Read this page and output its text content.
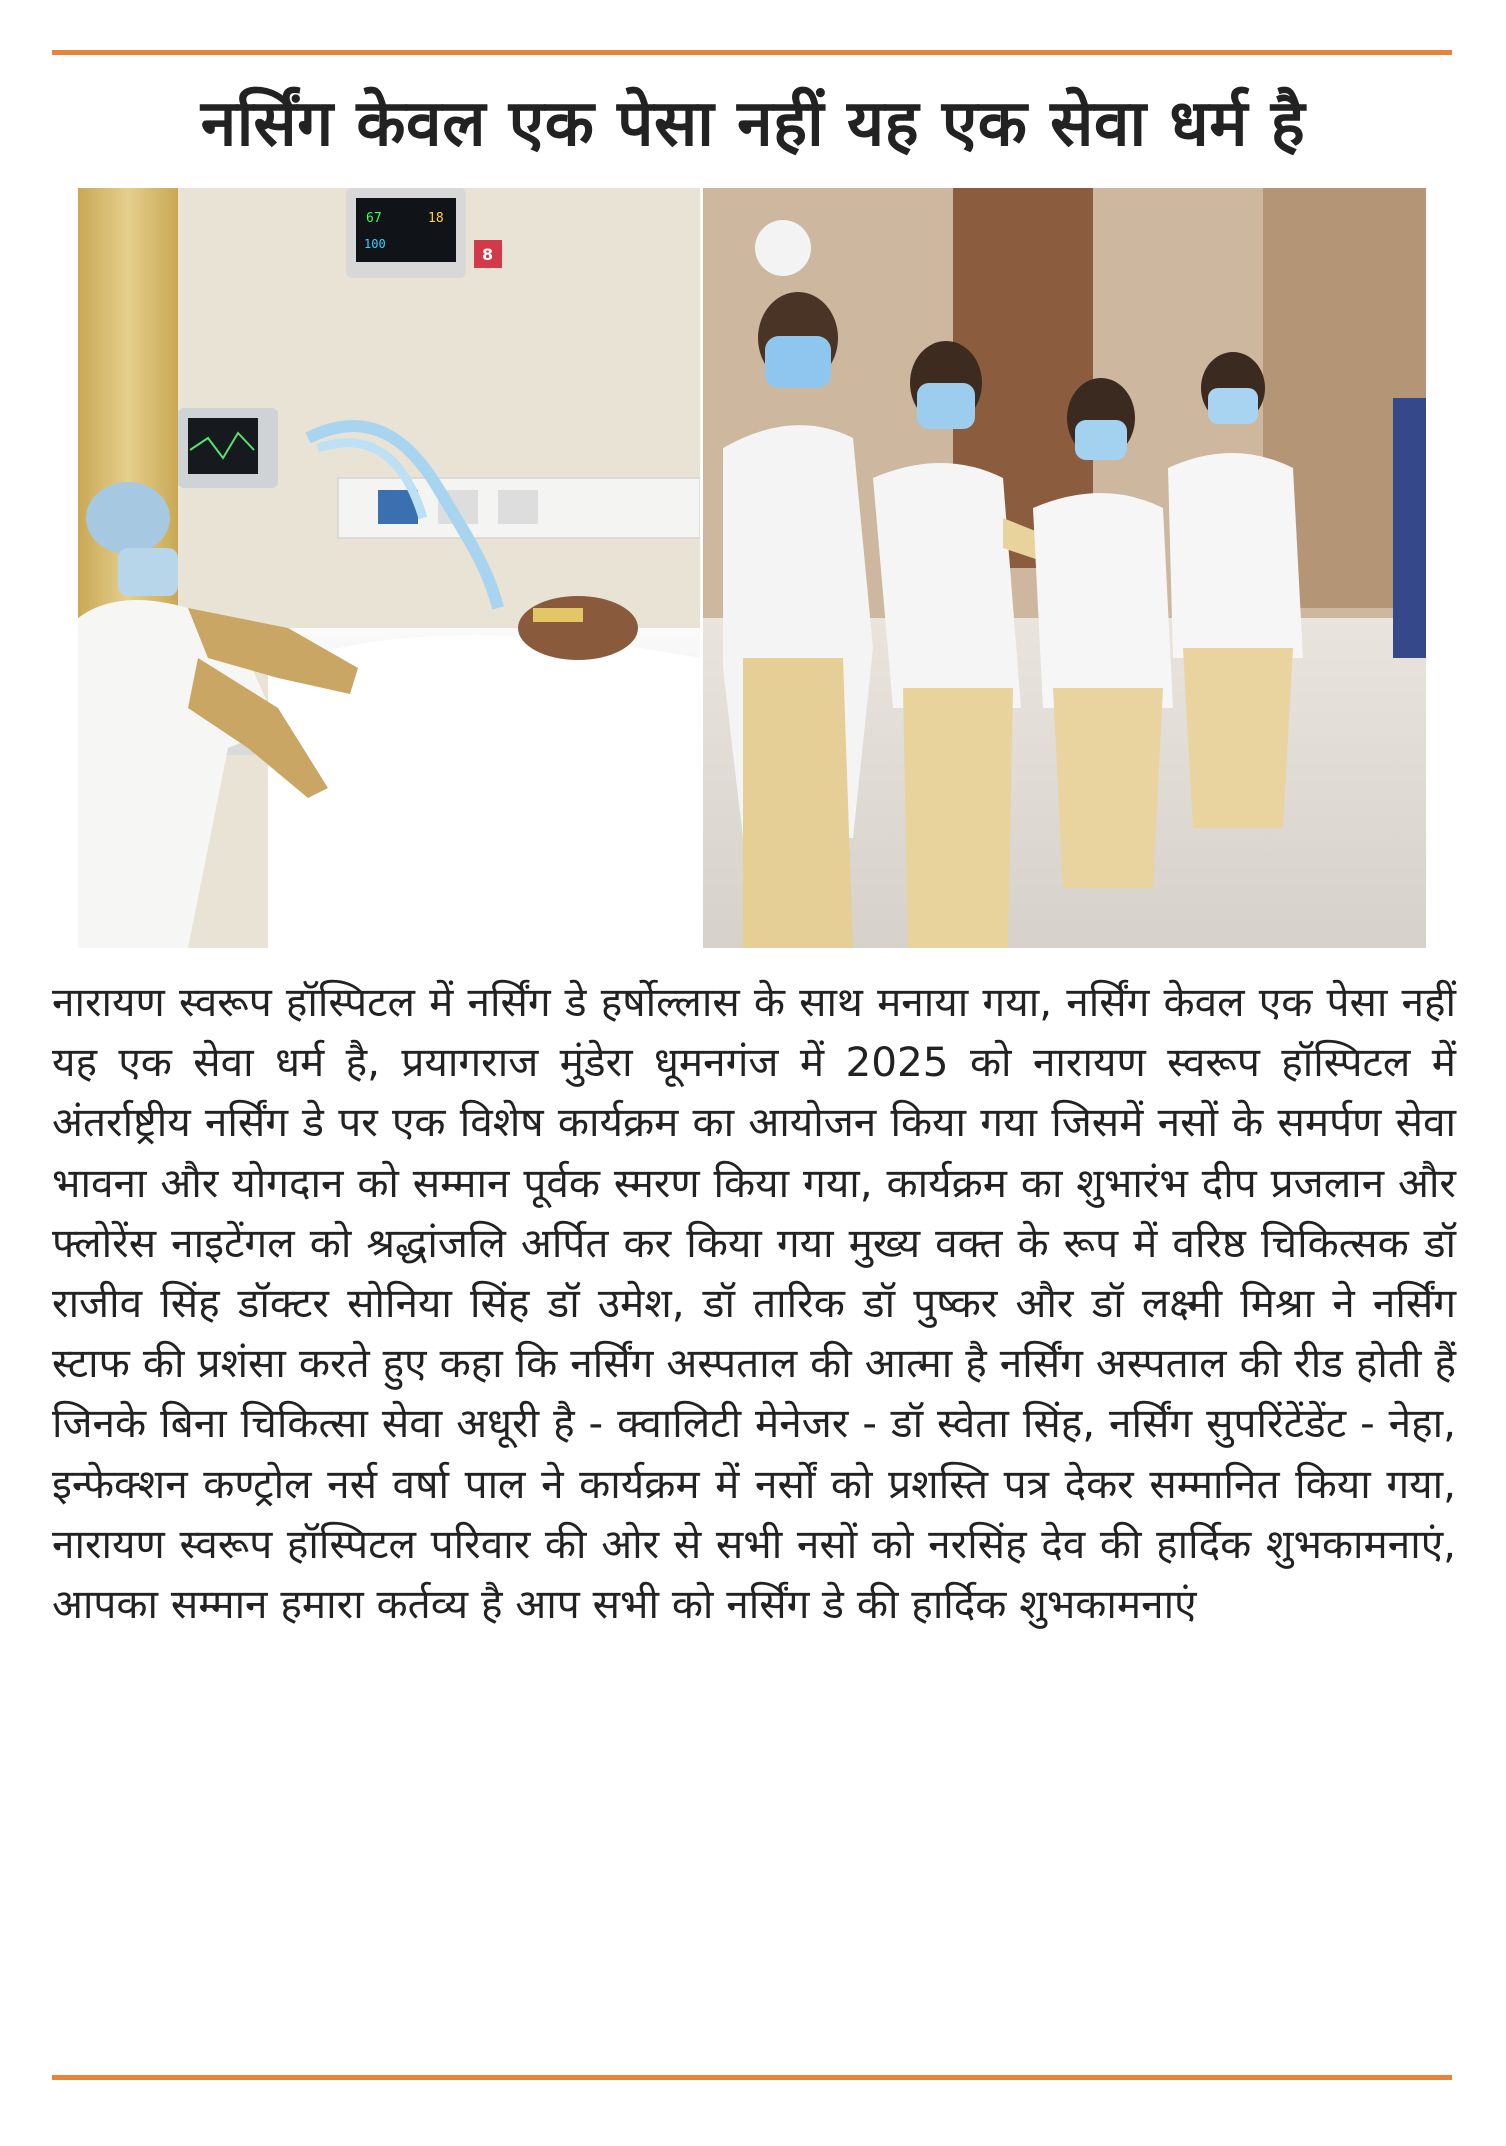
नर्सिंग केवल एक पेसा नहीं यह एक सेवा धर्म है
67	18
100
8

नारायण स्वरूप हॉस्पिटल में नर्सिंग डे हर्षोल्लास के साथ मनाया गया, नर्सिंग केवल एक पेसा नहीं यह एक सेवा धर्म है, प्रयागराज मुंडेरा धूमनगंज में 2025 को नारायण स्वरूप हॉस्पिटल में अंतर्राष्ट्रीय नर्सिंग डे पर एक विशेष कार्यक्रम का आयोजन किया गया जिसमें नसों के समर्पण सेवा भावना और योगदान को सम्मान पूर्वक स्मरण किया गया, कार्यक्रम का शुभारंभ दीप प्रजलान और फ्लोरेंस नाइटेंगल को श्रद्धांजलि अर्पित कर किया गया मुख्य वक्त के रूप में वरिष्ठ चिकित्सक डॉ राजीव सिंह डॉक्टर सोनिया सिंह डॉ उमेश, डॉ तारिक डॉ पुष्कर और डॉ लक्ष्मी मिश्रा ने नर्सिंग स्टाफ की प्रशंसा करते हुए कहा कि नर्सिंग अस्पताल की आत्मा है नर्सिंग अस्पताल की रीड होती हैं जिनके बिना चिकित्सा सेवा अधूरी है - क्वालिटी मेनेजर - डॉ स्वेता सिंह, नर्सिंग सुपरिंटेंडेंट - नेहा, इन्फेक्शन कण्ट्रोल नर्स वर्षा पाल ने कार्यक्रम में नर्सों को प्रशस्ति पत्र देकर सम्मानित किया गया, नारायण स्वरूप हॉस्पिटल परिवार की ओर से सभी नसों को नरसिंह देव की हार्दिक शुभकामनाएं, आपका सम्मान हमारा कर्तव्य है आप सभी को नर्सिंग डे की हार्दिक शुभकामनाएं
